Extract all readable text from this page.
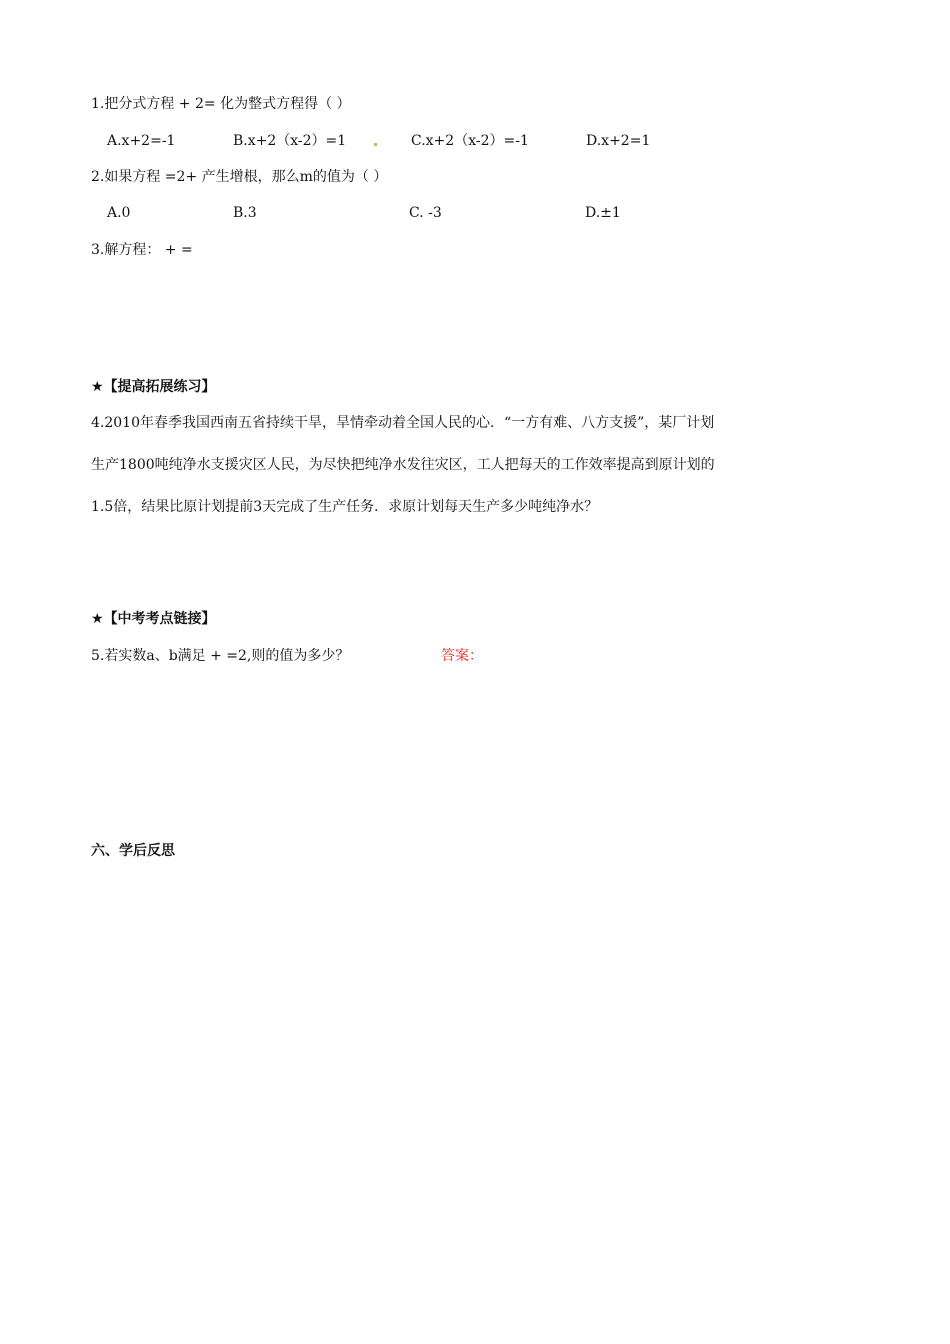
1.把分式方程 + 2= 化为整式方程得（ ）
A.x+2=-1	B.x+2（x-2）=1	C.x+2（x-2）=-1	D.x+2=1
2.如果方程 =2+ 产生增根，那么m的值为（ ）
A.0	B.3	C. -3	D.±1
3.解方程： + =
★【提高拓展练习】
4.2010年春季我国西南五省持续干旱，旱情牵动着全国人民的心．“一方有难、八方支援”，某厂计划
生产1800吨纯净水支援灾区人民，为尽快把纯净水发往灾区，工人把每天的工作效率提高到原计划的
1.5倍，结果比原计划提前3天完成了生产任务．求原计划每天生产多少吨纯净水？
★【中考考点链接】
5.若实数a、b满足 + =2,则的值为多少？	答案：
六、学后反思
